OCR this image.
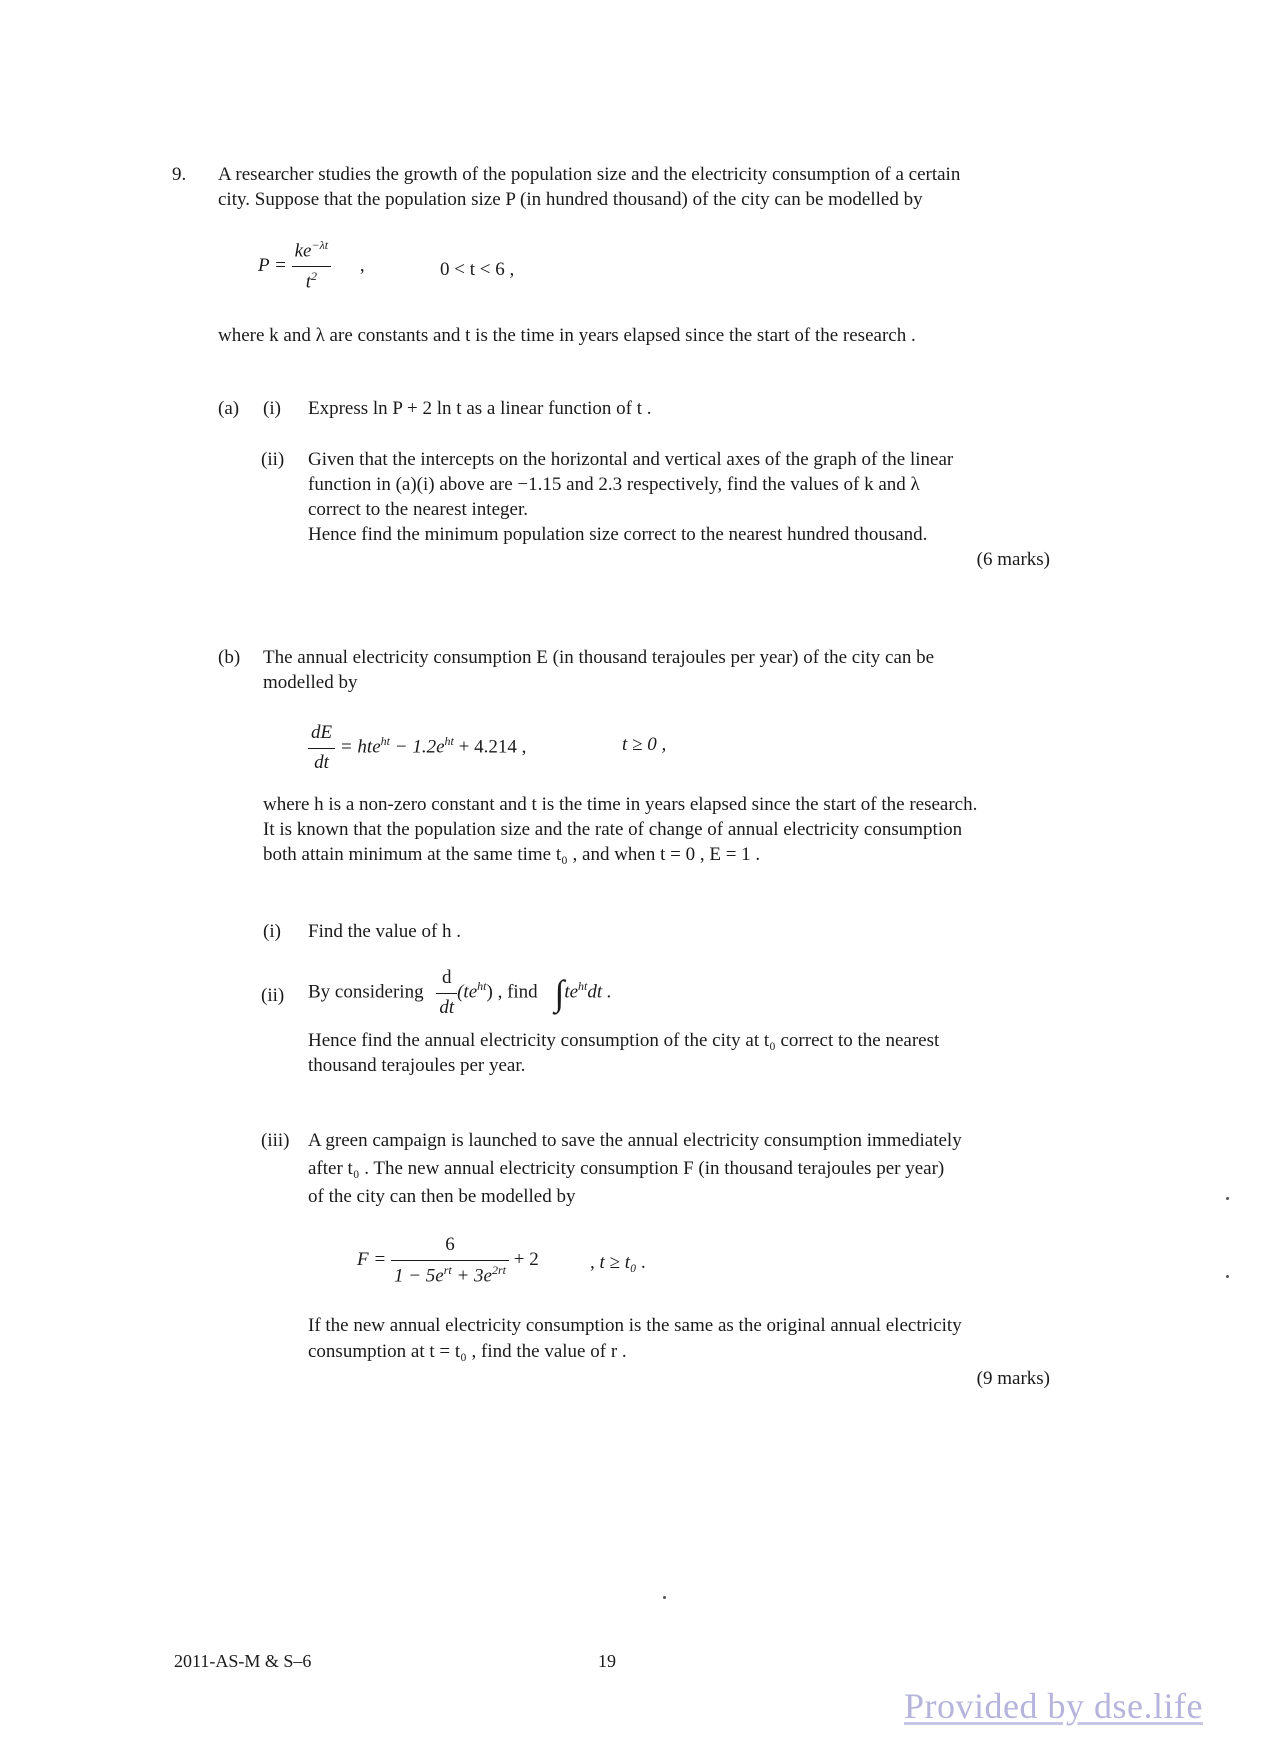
9. A researcher studies the growth of the population size and the electricity consumption of a certain
city. Suppose that the population size P (in hundred thousand) of the city can be modelled by
$P = \frac{ke^{-\lambda t}}{t^2}$ ,	0 < t < 6 ,
where k and λ are constants and t is the time in years elapsed since the start of the research .
(a) (i) Express ln P + 2 ln t as a linear function of t .
(ii) Given that the intercepts on the horizontal and vertical axes of the graph of the linear
function in (a)(i) above are −1.15 and 2.3 respectively, find the values of k and λ
correct to the nearest integer.
Hence find the minimum population size correct to the nearest hundred thousand.
(6 marks)
(b) The annual electricity consumption E (in thousand terajoules per year) of the city can be
modelled by
$\frac{dE}{dt} = hte^{ht} - 1.2e^{ht} + 4.214$ ,	t ≥ 0 ,
where h is a non-zero constant and t is the time in years elapsed since the start of the research.
It is known that the population size and the rate of change of annual electricity consumption
both attain minimum at the same time t₀ , and when t = 0 , E = 1 .
(i) Find the value of h .
(ii) By considering $\frac{d}{dt} (te^{ht})$ , find $\int te^{ht}dt$ .
Hence find the annual electricity consumption of the city at t₀ correct to the nearest
thousand terajoules per year.
(iii) A green campaign is launched to save the annual electricity consumption immediately
after t₀ . The new annual electricity consumption F (in thousand terajoules per year)
of the city can then be modelled by
$F = \frac{6}{1 - 5e^{rt} + 3e^{2rt}} + 2$	, t ≥ t₀ .
If the new annual electricity consumption is the same as the original annual electricity
consumption at t = t₀ , find the value of r .
(9 marks)
2011-AS-M & S–6	19
Provided by dse.life
